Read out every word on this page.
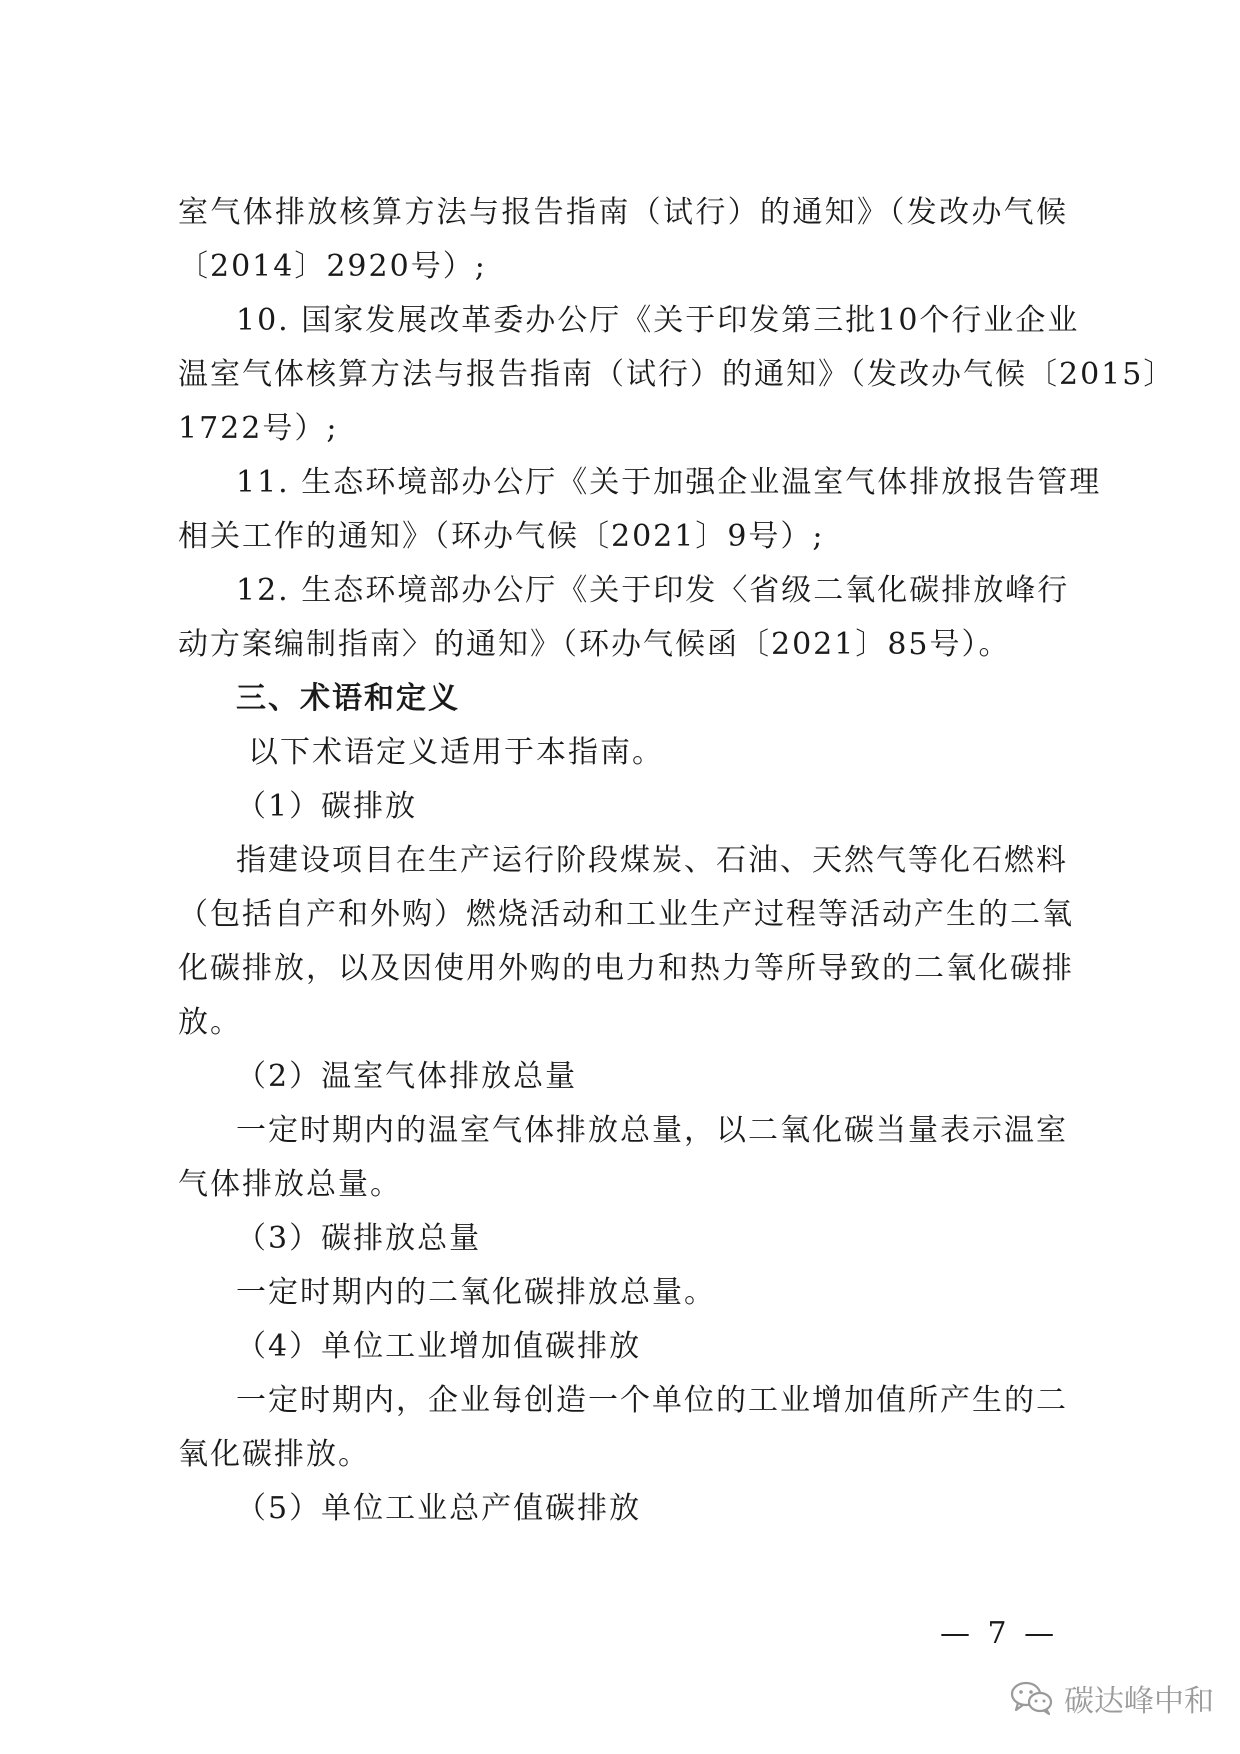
室气体排放核算方法与报告指南（试行）的通知》（发改办气候
〔2014〕2920号）;
10. 国家发展改革委办公厅《关于印发第三批10个行业企业
温室气体核算方法与报告指南（试行）的通知》（发改办气候〔2015〕
1722号）;
11. 生态环境部办公厅《关于加强企业温室气体排放报告管理
相关工作的通知》（环办气候〔2021〕9号）;
12. 生态环境部办公厅《关于印发〈省级二氧化碳排放峰行
动方案编制指南〉的通知》（环办气候函〔2021〕85号）。
三、术语和定义
以下术语定义适用于本指南。
（1）碳排放
指建设项目在生产运行阶段煤炭、石油、天然气等化石燃料
（包括自产和外购）燃烧活动和工业生产过程等活动产生的二氧
化碳排放，以及因使用外购的电力和热力等所导致的二氧化碳排
放。
（2）温室气体排放总量
一定时期内的温室气体排放总量，以二氧化碳当量表示温室
气体排放总量。
（3）碳排放总量
一定时期内的二氧化碳排放总量。
（4）单位工业增加值碳排放
一定时期内，企业每创造一个单位的工业增加值所产生的二
氧化碳排放。
（5）单位工业总产值碳排放
— 7 —
碳达峰中和
